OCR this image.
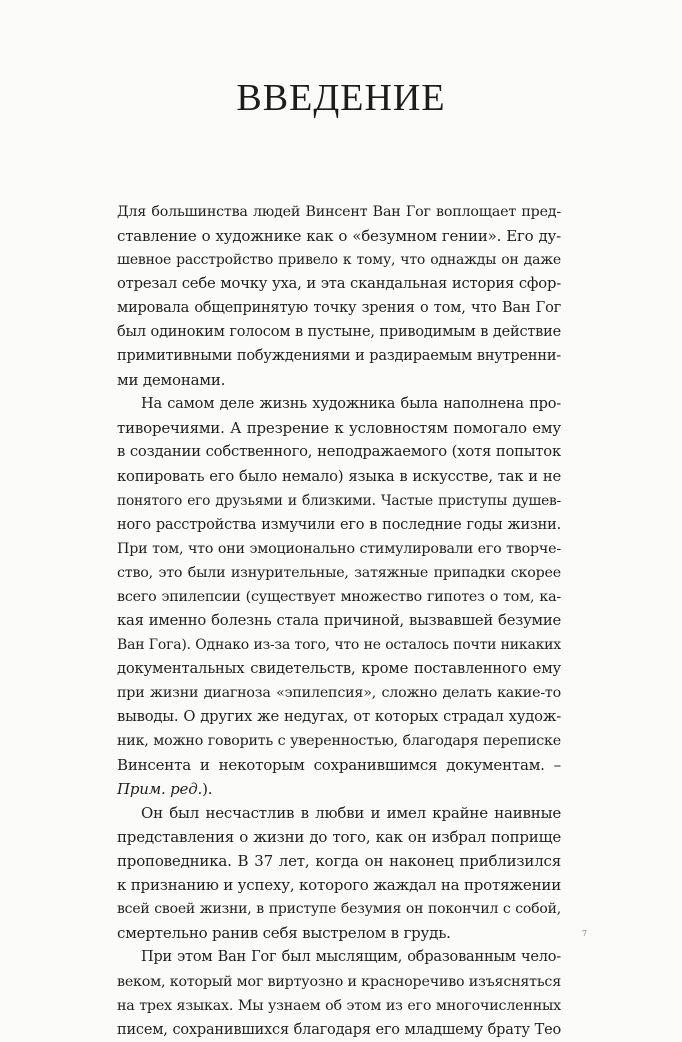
ВВЕДЕНИЕ
Для большинства людей Винсент Ван Гог воплощает пред-
ставление о художнике как о «безумном гении». Его ду-
шевное расстройство привело к тому, что однажды он даже
отрезал себе мочку уха, и эта скандальная история сфор-
мировала общепринятую точку зрения о том, что Ван Гог
был одиноким голосом в пустыне, приводимым в действие
примитивными побуждениями и раздираемым внутренни-
ми демонами.
На самом деле жизнь художника была наполнена про-
тиворечиями. А презрение к условностям помогало ему
в создании собственного, неподражаемого (хотя попыток
копировать его было немало) языка в искусстве, так и не
понятого его друзьями и близкими. Частые приступы душев-
ного расстройства измучили его в последние годы жизни.
При том, что они эмоционально стимулировали его творче-
ство, это были изнурительные, затяжные припадки скорее
всего эпилепсии (существует множество гипотез о том, ка-
кая именно болезнь стала причиной, вызвавшей безумие
Ван Гога). Однако из-за того, что не осталось почти никаких
документальных свидетельств, кроме поставленного ему
при жизни диагноза «эпилепсия», сложно делать какие-то
выводы. О других же недугах, от которых страдал худож-
ник, можно говорить с уверенностью, благодаря переписке
Винсента и некоторым сохранившимся документам. –
Прим. ред.).
Он был несчастлив в любви и имел крайне наивные
представления о жизни до того, как он избрал поприще
проповедника. В 37 лет, когда он наконец приблизился
к признанию и успеху, которого жаждал на протяжении
всей своей жизни, в приступе безумия он покончил с собой,
смертельно ранив себя выстрелом в грудь.
При этом Ван Гог был мыслящим, образованным чело-
веком, который мог виртуозно и красноречиво изъясняться
на трех языках. Мы узнаем об этом из его многочисленных
писем, сохранившихся благодаря его младшему брату Тео
7
